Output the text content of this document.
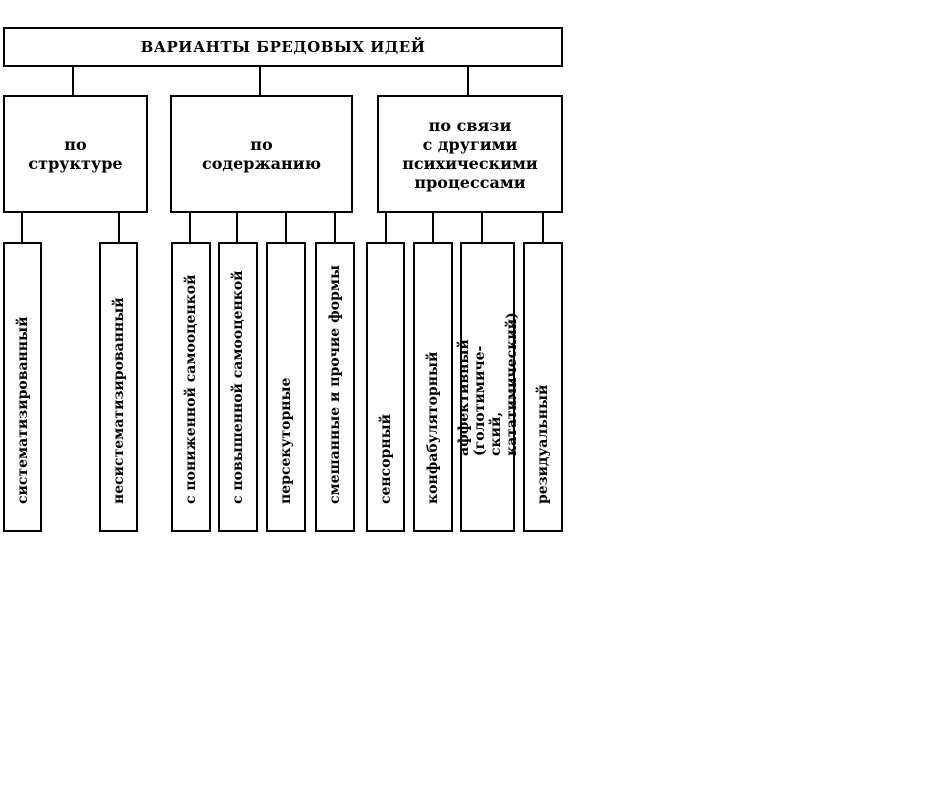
ВАРИАНТЫ БРЕДОВЫХ ИДЕЙ
по
структуре
по
содержанию
по связи
с другими
психическими
процессами
систематизированный	несистематизированный	с пониженной самооценкой с повышенной самооценкой персекуторные смешанные и прочие формы сенсорный конфабуляторный аффективный (голотимиче-
ский, кататимический) резидуальный
